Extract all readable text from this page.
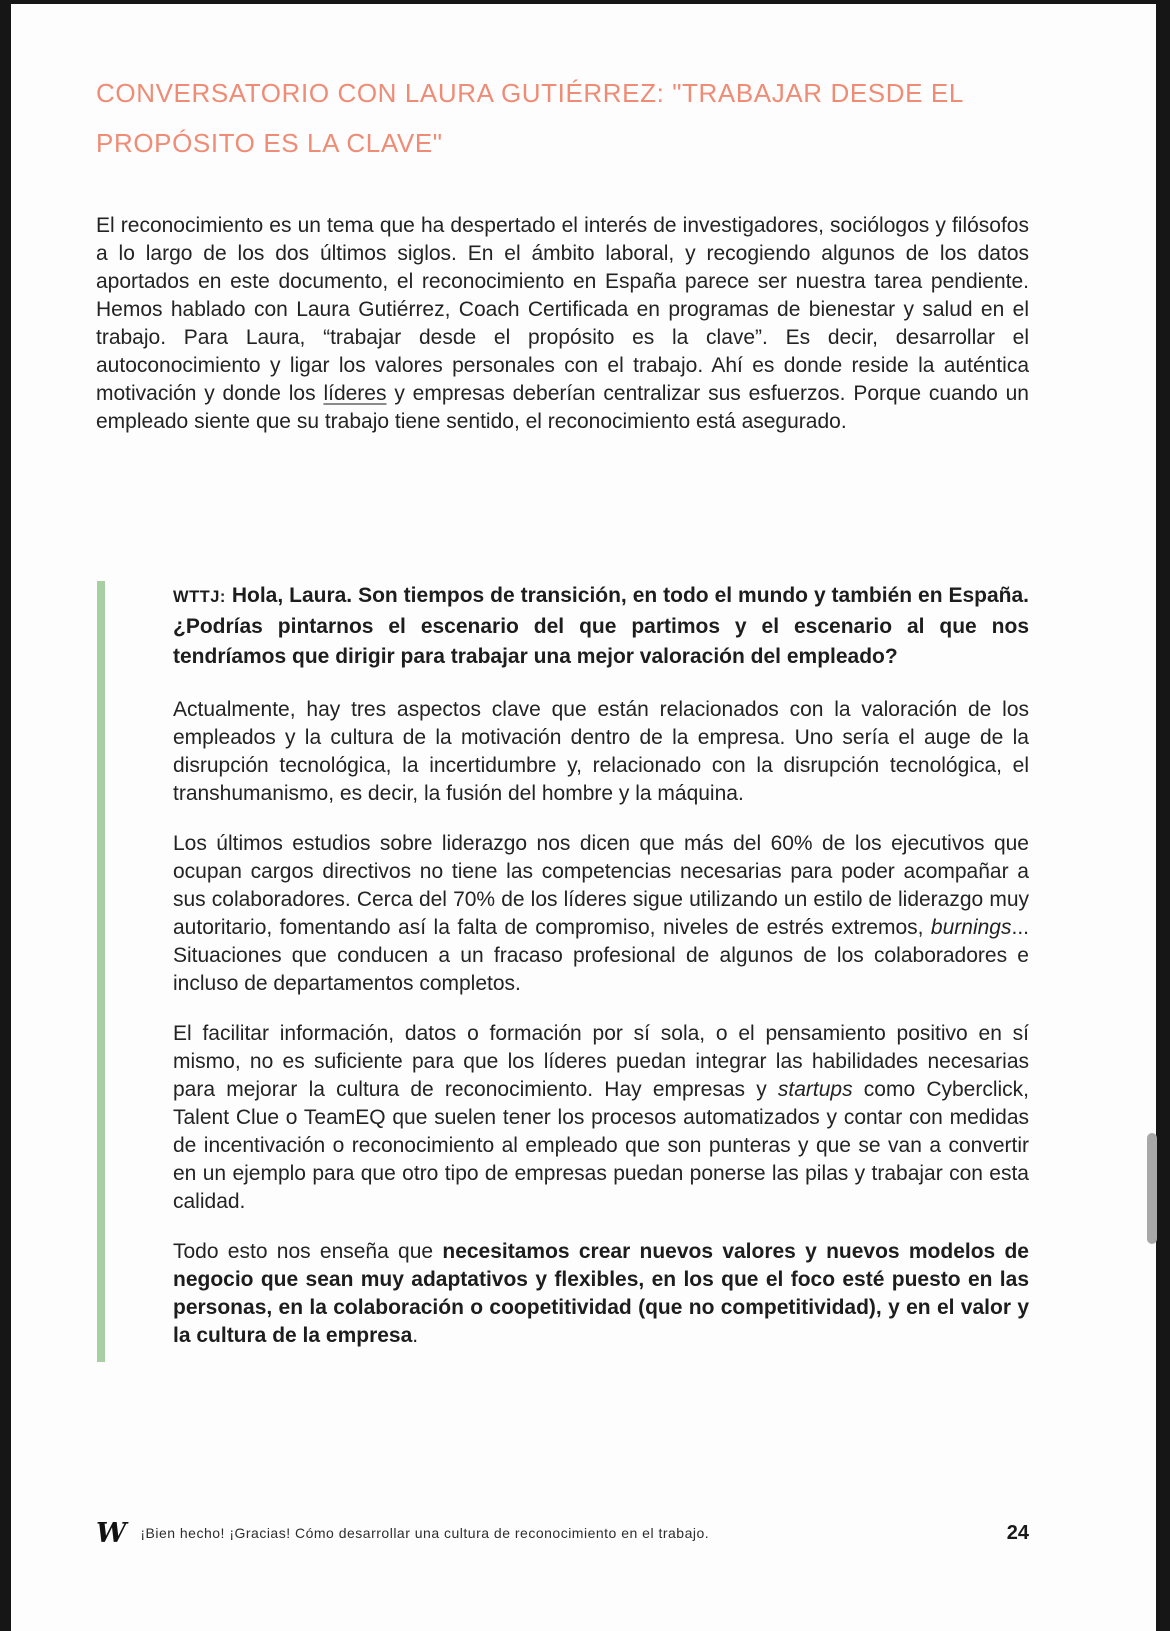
CONVERSATORIO CON LAURA GUTIÉRREZ: "TRABAJAR DESDE EL
PROPÓSITO ES LA CLAVE"

El reconocimiento es un tema que ha despertado el interés de investigadores, sociólogos y filósofos a lo largo de los dos últimos siglos. En el ámbito laboral, y recogiendo algunos de los datos aportados en este documento, el reconocimiento en España parece ser nuestra tarea pendiente. Hemos hablado con Laura Gutiérrez, Coach Certificada en programas de bienestar y salud en el trabajo. Para Laura, “trabajar desde el propósito es la clave”. Es decir, desarrollar el autoconocimiento y ligar los valores personales con el trabajo. Ahí es donde reside la auténtica motivación y donde los líderes y empresas deberían centralizar sus esfuerzos. Porque cuando un empleado siente que su trabajo tiene sentido, el reconocimiento está asegurado.

WTTJ: Hola, Laura. Son tiempos de transición, en todo el mundo y también en España. ¿Podrías pintarnos el escenario del que partimos y el escenario al que nos tendríamos que dirigir para trabajar una mejor valoración del empleado?

Actualmente, hay tres aspectos clave que están relacionados con la valoración de los empleados y la cultura de la motivación dentro de la empresa. Uno sería el auge de la disrupción tecnológica, la incertidumbre y, relacionado con la disrupción tecnológica, el transhumanismo, es decir, la fusión del hombre y la máquina.

Los últimos estudios sobre liderazgo nos dicen que más del 60% de los ejecutivos que ocupan cargos directivos no tiene las competencias necesarias para poder acompañar a sus colaboradores. Cerca del 70% de los líderes sigue utilizando un estilo de liderazgo muy autoritario, fomentando así la falta de compromiso, niveles de estrés extremos, burnings... Situaciones que conducen a un fracaso profesional de algunos de los colaboradores e incluso de departamentos completos.

El facilitar información, datos o formación por sí sola, o el pensamiento positivo en sí mismo, no es suficiente para que los líderes puedan integrar las habilidades necesarias para mejorar la cultura de reconocimiento. Hay empresas y startups como Cyberclick, Talent Clue o TeamEQ que suelen tener los procesos automatizados y contar con medidas de incentivación o reconocimiento al empleado que son punteras y que se van a convertir en un ejemplo para que otro tipo de empresas puedan ponerse las pilas y trabajar con esta calidad.

Todo esto nos enseña que necesitamos crear nuevos valores y nuevos modelos de negocio que sean muy adaptativos y flexibles, en los que el foco esté puesto en las personas, en la colaboración o coopetitividad (que no competitividad), y en el valor y la cultura de la empresa.

W ¡Bien hecho! ¡Gracias! Cómo desarrollar una cultura de reconocimiento en el trabajo.	24
